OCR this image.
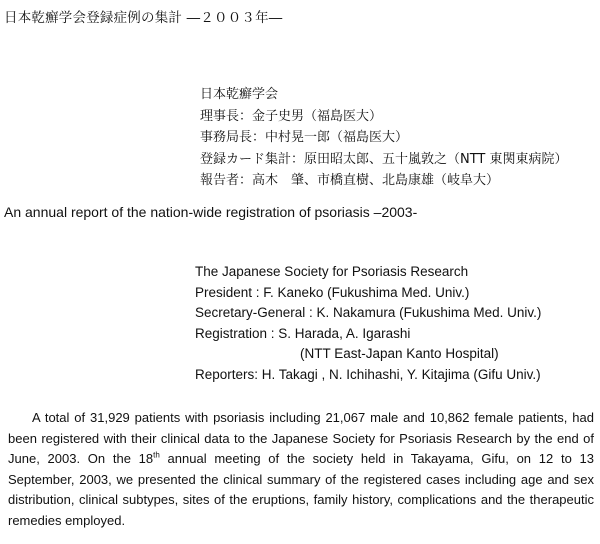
日本乾癬学会登録症例の集計 ―２００３年―
日本乾癬学会
理事長：金子史男（福島医大）
事務局長：中村晃一郎（福島医大）
登録カード集計：原田昭太郎、五十嵐敦之（NTT 東関東病院）
報告者：高木　肇、市橋直樹、北島康雄（岐阜大）
An annual report of the nation-wide registration of psoriasis –2003-
The Japanese Society for Psoriasis Research
President : F. Kaneko (Fukushima Med. Univ.)
Secretary-General : K. Nakamura (Fukushima Med. Univ.)
Registration : S. Harada, A. Igarashi
(NTT East-Japan Kanto Hospital)
Reporters: H. Takagi , N. Ichihashi, Y. Kitajima (Gifu Univ.)
A total of 31,929 patients with psoriasis including 21,067 male and 10,862 female patients, had been registered with their clinical data to the Japanese Society for Psoriasis Research by the end of June, 2003. On the 18th annual meeting of the society held in Takayama, Gifu, on 12 to 13 September, 2003, we presented the clinical summary of the registered cases including age and sex distribution, clinical subtypes, sites of the eruptions, family history, complications and the therapeutic remedies employed.
